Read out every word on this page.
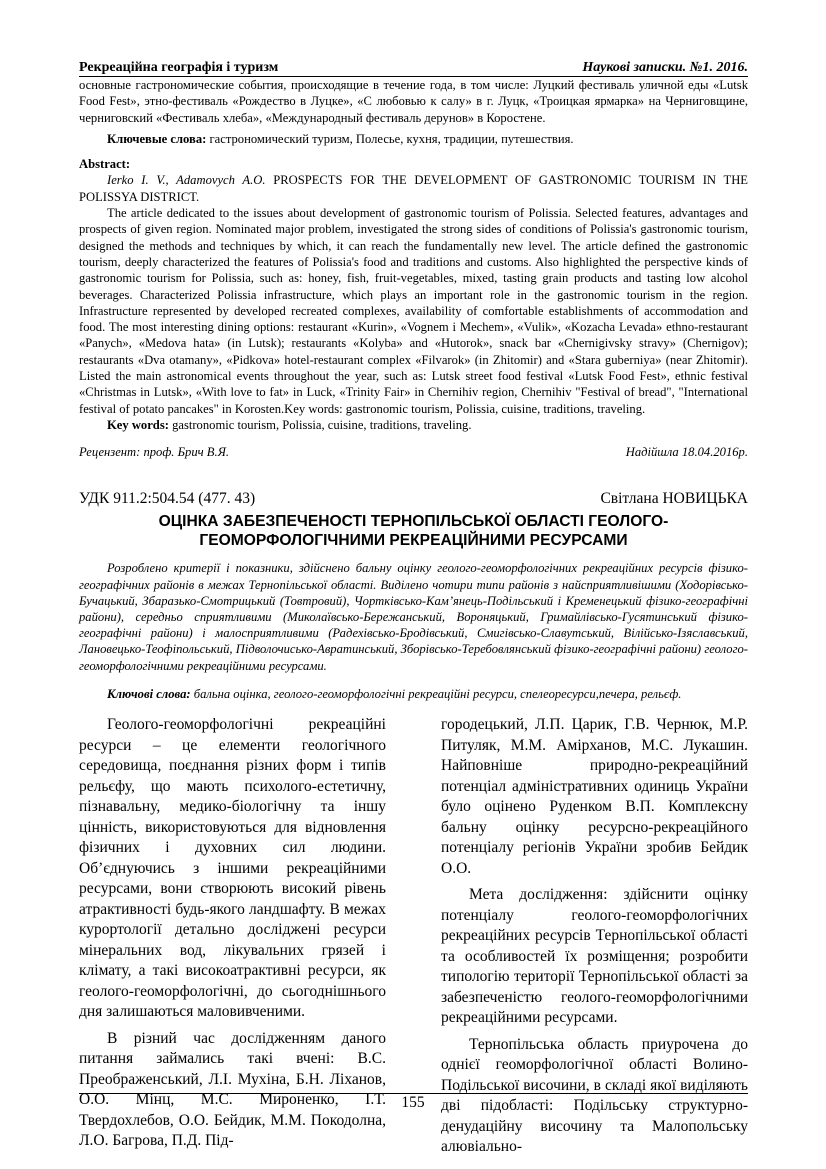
Рекреаційна географія і туризм	Наукові записки. №1. 2016.

основные гастрономические события, происходящие в течение года, в том числе: Луцкий фестиваль уличной еды «Lutsk Food Fest», этно-фестиваль «Рождество в Луцке», «С любовью к салу» в г. Луцк, «Троицкая ярмарка» на Черниговщине, черниговский «Фестиваль хлеба», «Международный фестиваль дерунов» в Коростене.

Ключевые слова: гастрономический туризм, Полесье, кухня, традиции, путешествия.

Abstract:

Ierko I. V., Adamovych A.O. PROSPECTS FOR THE DEVELOPMENT OF GASTRONOMIC TOURISM IN THE POLISSYA DISTRICT.

The article dedicated to the issues about development of gastronomic tourism of Polissia. Selected features, advantages and prospects of given region. Nominated major problem, investigated the strong sides of conditions of Polissia's gastronomic tourism, designed the methods and techniques by which, it can reach the fundamentally new level. The article defined the gastronomic tourism, deeply characterized the features of Polissia's food and traditions and customs. Also highlighted the perspective kinds of gastronomic tourism for Polissia, such as: honey, fish, fruit-vegetables, mixed, tasting grain products and tasting low alcohol beverages. Characterized Polissia infrastructure, which plays an important role in the gastronomic tourism in the region. Infrastructure represented by developed recreated complexes, availability of comfortable establishments of accommodation and food. The most interesting dining options: restaurant «Kurin», «Vognem i Mechem», «Vulik», «Kozacha Levada» ethno-restaurant «Panych», «Medova hata» (in Lutsk); restaurants «Kolyba» and «Hutorok», snack bar «Chernigivsky stravy» (Chernigov); restaurants «Dva otamany», «Pidkova» hotel-restaurant complex «Filvarok» (in Zhitomir) and «Stara guberniya» (near Zhitomir). Listed the main astronomical events throughout the year, such as: Lutsk street food festival «Lutsk Food Fest», ethnic festival «Christmas in Lutsk», «With love to fat» in Luck, «Trinity Fair» in Chernihiv region, Chernihiv "Festival of bread", "International festival of potato pancakes" in Korosten.Key words: gastronomic tourism, Polissia, cuisine, traditions, traveling.

Key words: gastronomic tourism, Polissia, cuisine, traditions, traveling.

Рецензент: проф. Брич В.Я.	Надійшла 18.04.2016р.
УДК 911.2:504.54 (477. 43)	Світлана НОВИЦЬКА
ОЦІНКА ЗАБЕЗПЕЧЕНОСТІ ТЕРНОПІЛЬСЬКОЇ ОБЛАСТІ ГЕОЛОГО-
ГЕОМОРФОЛОГІЧНИМИ РЕКРЕАЦІЙНИМИ РЕСУРСАМИ

Розроблено критерії і показники, здійснено бальну оцінку геолого-геоморфологічних рекреаційних ресурсів фізико-географічних районів в межах Тернопільської області. Виділено чотири типи районів з найсприятливішими (Ходорівсько-Бучацький, Збаразько-Смотрицький (Товтровий), Чортківсько-Кам’янець-Подільський і Кременецький фізико-географічні райони), середньо сприятливими (Миколаївсько-Бережанський, Вороняцький, Гримайлівсько-Гусятинський фізико-географічні райони) і малосприятливими (Радехівсько-Бродівський, Смигівсько-Славутський, Вілійсько-Ізяславський, Лановецько-Теофіпольський, Підволочисько-Авратинський, Зборівсько-Теребовлянський фізико-географічні райони) геолого-геоморфологічними рекреаційними ресурсами.

Ключові слова: бальна оцінка, геолого-геоморфологічні рекреаційні ресурси, спелеоресурси,печера, рельєф.

Геолого-геоморфологічні рекреаційні ресурси – це елементи геологічного середовища, поєднання різних форм і типів рельєфу, що мають психолого-естетичну, пізнавальну, медико-біологічну та іншу цінність, використовуються для відновлення фізичних і духовних сил людини. Об’єднуючись з іншими рекреаційними ресурсами, вони створюють високий рівень атрактивності будь-якого ландшафту. В межах курортології детально досліджені ресурси мінеральних вод, лікувальних грязей і клімату, а такі високоатрактивні ресурси, як геолого-геоморфологічні, до сьогоднішнього дня залишаються маловивченими.

В різний час дослідженням даного питання займались такі вчені: В.С. Преображенський, Л.І. Мухіна, Б.Н. Ліханов, О.О. Мінц, М.С. Мироненко, І.Т. Твердохлебов, О.О. Бейдик, М.М. Покодолна, Л.О. Багрова, П.Д. Під-

городецький, Л.П. Царик, Г.В. Чернюк, М.Р. Питуляк, М.М. Амірханов, М.С. Лукашин. Найповніше природно-рекреаційний потенціал адміністративних одиниць України було оцінено Руденком В.П. Комплексну бальну оцінку ресурсно-рекреаційного потенціалу регіонів України зробив Бейдик О.О.

Мета дослідження: здійснити оцінку потенціалу геолого-геоморфологічних рекреаційних ресурсів Тернопільської області та особливостей їх розміщення; розробити типологію території Тернопільської області за забезпеченістю геолого-геоморфологічними рекреаційними ресурсами.

Тернопільська область приурочена до однієї геоморфологічної області Волино-Подільської височини, в складі якої виділяють дві підобласті: Подільську структурно-денудаційну височину та Малопольську алювіально-

155
